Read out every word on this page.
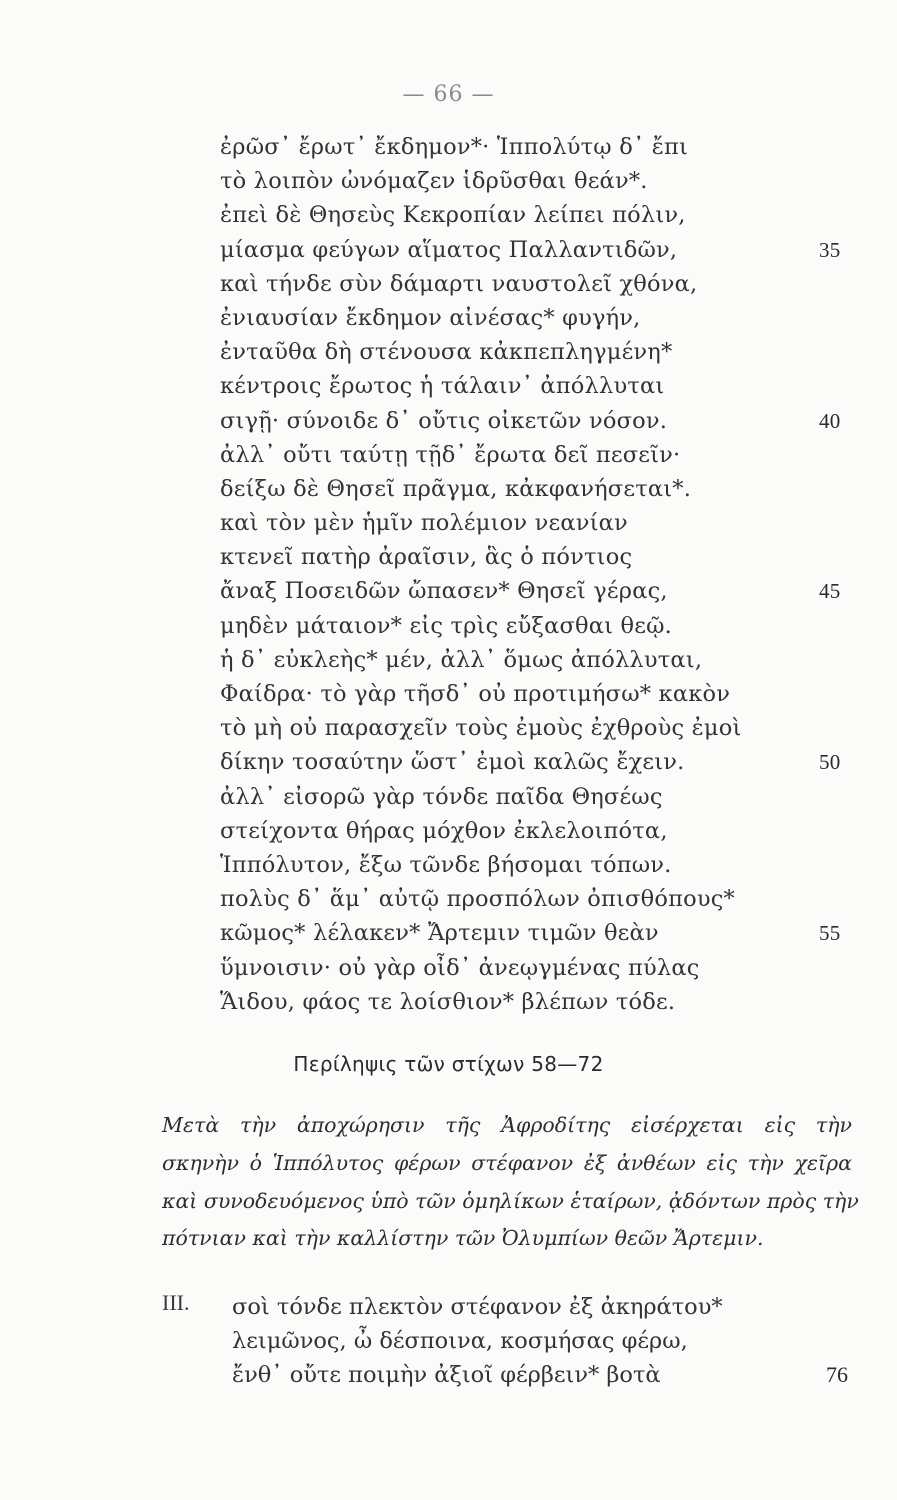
— 66 —
ἐρῶσ᾽ ἔρωτ᾽ ἔκδημον*· Ἱππολύτῳ δ᾽ ἔπι
τὸ λοιπὸν ὠνόμαζεν ἱδρῦσθαι θεάν*.
ἐπεὶ δὲ Θησεὺς Κεκροπίαν λείπει πόλιν,
μίασμα φεύγων αἵματος Παλλαντιδῶν,	35
καὶ τήνδε σὺν δάμαρτι ναυστολεῖ χθόνα,
ἐνιαυσίαν ἔκδημον αἰνέσας* φυγήν,
ἐνταῦθα δὴ στένουσα κἀκπεπληγμένη*
κέντροις ἔρωτος ἡ τάλαιν᾽ ἀπόλλυται
σιγῇ· σύνοιδε δ᾽ οὔτις οἰκετῶν νόσον.	40
ἀλλ᾽ οὔτι ταύτῃ τῇδ᾽ ἔρωτα δεῖ πεσεῖν·
δείξω δὲ Θησεῖ πρᾶγμα, κἀκφανήσεται*.
καὶ τὸν μὲν ἡμῖν πολέμιον νεανίαν
κτενεῖ πατὴρ ἀραῖσιν, ἃς ὁ πόντιος
ἄναξ Ποσειδῶν ὤπασεν* Θησεῖ γέρας,	45
μηδὲν μάταιον* εἰς τρὶς εὔξασθαι θεῷ.
ἡ δ᾽ εὐκλεὴς* μέν, ἀλλ᾽ ὅμως ἀπόλλυται,
Φαίδρα· τὸ γὰρ τῆσδ᾽ οὐ προτιμήσω* κακὸν
τὸ μὴ οὐ παρασχεῖν τοὺς ἐμοὺς ἐχθροὺς ἐμοὶ
δίκην τοσαύτην ὥστ᾽ ἐμοὶ καλῶς ἔχειν.	50
ἀλλ᾽ εἰσορῶ γὰρ τόνδε παῖδα Θησέως
στείχοντα θήρας μόχθον ἐκλελοιπότα,
Ἱππόλυτον, ἔξω τῶνδε βήσομαι τόπων.
πολὺς δ᾽ ἅμ᾽ αὐτῷ προσπόλων ὀπισθόπους*
κῶμος* λέλακεν* Ἄρτεμιν τιμῶν θεὰν	55
ὕμνοισιν· οὐ γὰρ οἶδ᾽ ἀνεῳγμένας πύλας
Ἅιδου, φάος τε λοίσθιον* βλέπων τόδε.
Περίληψις τῶν στίχων 58—72
Μετὰ τὴν ἀποχώρησιν τῆς Ἀφροδίτης εἰσέρχεται εἰς τὴν
σκηνὴν ὁ Ἱππόλυτος φέρων στέφανον ἐξ ἀνθέων εἰς τὴν χεῖρα
καὶ συνοδευόμενος ὑπὸ τῶν ὁμηλίκων ἑταίρων, ᾀδόντων πρὸς τὴν
πότνιαν καὶ τὴν καλλίστην τῶν Ὀλυμπίων θεῶν Ἄρτεμιν.
ΙΙΙ. σοὶ τόνδε πλεκτὸν στέφανον ἐξ ἀκηράτου*
λειμῶνος, ὦ δέσποινα, κοσμήσας φέρω,
ἔνθ᾽ οὔτε ποιμὴν ἀξιοῖ φέρβειν* βοτὰ	76
